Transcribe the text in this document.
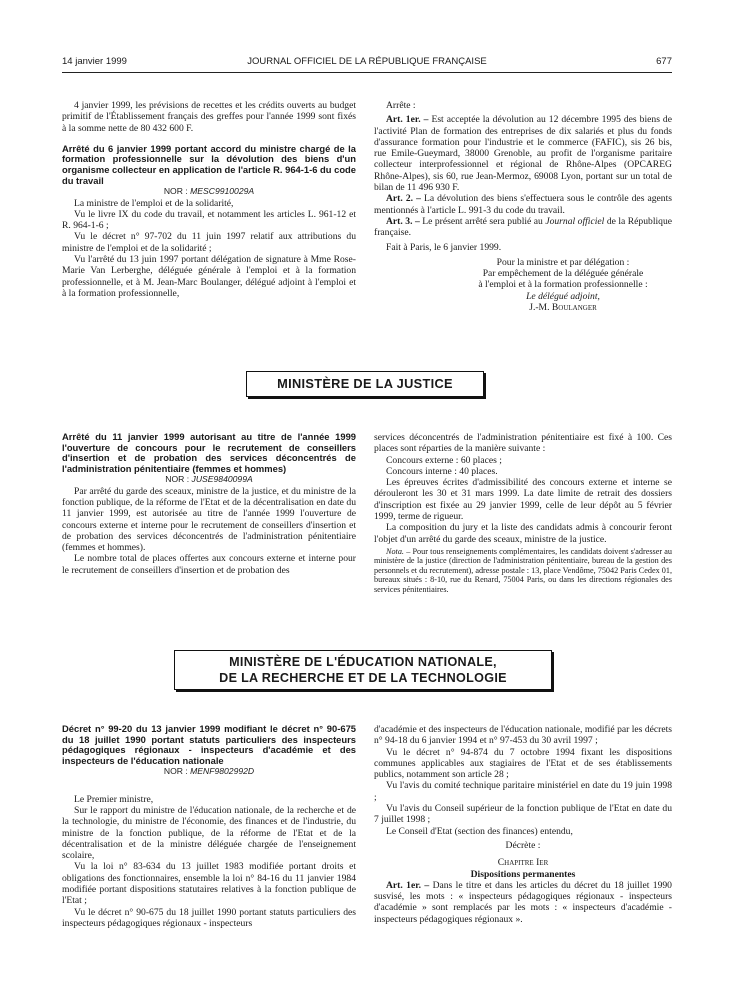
14 janvier 1999	JOURNAL OFFICIEL DE LA RÉPUBLIQUE FRANÇAISE	677

4 janvier 1999, les prévisions de recettes et les crédits ouverts au budget primitif de l'Établissement français des greffes pour l'année 1999 sont fixés à la somme nette de 80 432 600 F.

Arrêté du 6 janvier 1999 portant accord du ministre chargé de la formation professionnelle sur la dévolution des biens d'un organisme collecteur en application de l'article R. 964-1-6 du code du travail

NOR : MESC9910029A

La ministre de l'emploi et de la solidarité,

Vu le livre IX du code du travail, et notamment les articles L. 961-12 et R. 964-1-6 ;

Vu le décret n° 97-702 du 11 juin 1997 relatif aux attributions du ministre de l'emploi et de la solidarité ;

Vu l'arrêté du 13 juin 1997 portant délégation de signature à Mme Rose-Marie Van Lerberghe, déléguée générale à l'emploi et à la formation professionnelle, et à M. Jean-Marc Boulanger, délégué adjoint à l'emploi et à la formation professionnelle,

Arrête :

Art. 1er. – Est acceptée la dévolution au 12 décembre 1995 des biens de l'activité Plan de formation des entreprises de dix salariés et plus du fonds d'assurance formation pour l'industrie et le commerce (FAFIC), sis 26 bis, rue Emile-Gueymard, 38000 Grenoble, au profit de l'organisme paritaire collecteur interprofessionnel et régional de Rhône-Alpes (OPCAREG Rhône-Alpes), sis 60, rue Jean-Mermoz, 69008 Lyon, portant sur un total de bilan de 11 496 930 F.

Art. 2. – La dévolution des biens s'effectuera sous le contrôle des agents mentionnés à l'article L. 991-3 du code du travail.

Art. 3. – Le présent arrêté sera publié au Journal officiel de la République française.

Fait à Paris, le 6 janvier 1999.

Pour la ministre et par délégation :
Par empêchement de la déléguée générale
à l'emploi et à la formation professionnelle :
Le délégué adjoint,
J.-M. Boulanger
MINISTÈRE DE LA JUSTICE

Arrêté du 11 janvier 1999 autorisant au titre de l'année 1999 l'ouverture de concours pour le recrutement de conseillers d'insertion et de probation des services déconcentrés de l'administration pénitentiaire (femmes et hommes)

NOR : JUSE9840099A

Par arrêté du garde des sceaux, ministre de la justice, et du ministre de la fonction publique, de la réforme de l'Etat et de la décentralisation en date du 11 janvier 1999, est autorisée au titre de l'année 1999 l'ouverture de concours externe et interne pour le recrutement de conseillers d'insertion et de probation des services déconcentrés de l'administration pénitentiaire (femmes et hommes).

Le nombre total de places offertes aux concours externe et interne pour le recrutement de conseillers d'insertion et de probation des

services déconcentrés de l'administration pénitentiaire est fixé à 100. Ces places sont réparties de la manière suivante :

Concours externe : 60 places ;

Concours interne : 40 places.

Les épreuves écrites d'admissibilité des concours externe et interne se dérouleront les 30 et 31 mars 1999. La date limite de retrait des dossiers d'inscription est fixée au 29 janvier 1999, celle de leur dépôt au 5 février 1999, terme de rigueur.

La composition du jury et la liste des candidats admis à concourir feront l'objet d'un arrêté du garde des sceaux, ministre de la justice.

Nota. – Pour tous renseignements complémentaires, les candidats doivent s'adresser au ministère de la justice (direction de l'administration pénitentiaire, bureau de la gestion des personnels et du recrutement), adresse postale : 13, place Vendôme, 75042 Paris Cedex 01, bureaux situés : 8-10, rue du Renard, 75004 Paris, ou dans les directions régionales des services pénitentiaires.

MINISTÈRE DE L'ÉDUCATION NATIONALE,
DE LA RECHERCHE ET DE LA TECHNOLOGIE

Décret n° 99-20 du 13 janvier 1999 modifiant le décret n° 90-675 du 18 juillet 1990 portant statuts particuliers des inspecteurs pédagogiques régionaux - inspecteurs d'académie et des inspecteurs de l'éducation nationale

NOR : MENF9802992D

Le Premier ministre,

Sur le rapport du ministre de l'éducation nationale, de la recherche et de la technologie, du ministre de l'économie, des finances et de l'industrie, du ministre de la fonction publique, de la réforme de l'Etat et de la décentralisation et de la ministre déléguée chargée de l'enseignement scolaire,

Vu la loi n° 83-634 du 13 juillet 1983 modifiée portant droits et obligations des fonctionnaires, ensemble la loi n° 84-16 du 11 janvier 1984 modifiée portant dispositions statutaires relatives à la fonction publique de l'Etat ;

Vu le décret n° 90-675 du 18 juillet 1990 portant statuts particuliers des inspecteurs pédagogiques régionaux - inspecteurs

d'académie et des inspecteurs de l'éducation nationale, modifié par les décrets n° 94-18 du 6 janvier 1994 et n° 97-453 du 30 avril 1997 ;

Vu le décret n° 94-874 du 7 octobre 1994 fixant les dispositions communes applicables aux stagiaires de l'Etat et de ses établissements publics, notamment son article 28 ;

Vu l'avis du comité technique paritaire ministériel en date du 19 juin 1998 ;

Vu l'avis du Conseil supérieur de la fonction publique de l'Etat en date du 7 juillet 1998 ;

Le Conseil d'Etat (section des finances) entendu,

Décrète :

Chapitre Ier

Dispositions permanentes

Art. 1er. – Dans le titre et dans les articles du décret du 18 juillet 1990 susvisé, les mots : « inspecteurs pédagogiques régionaux - inspecteurs d'académie » sont remplacés par les mots : « inspecteurs d'académie - inspecteurs pédagogiques régionaux ».
